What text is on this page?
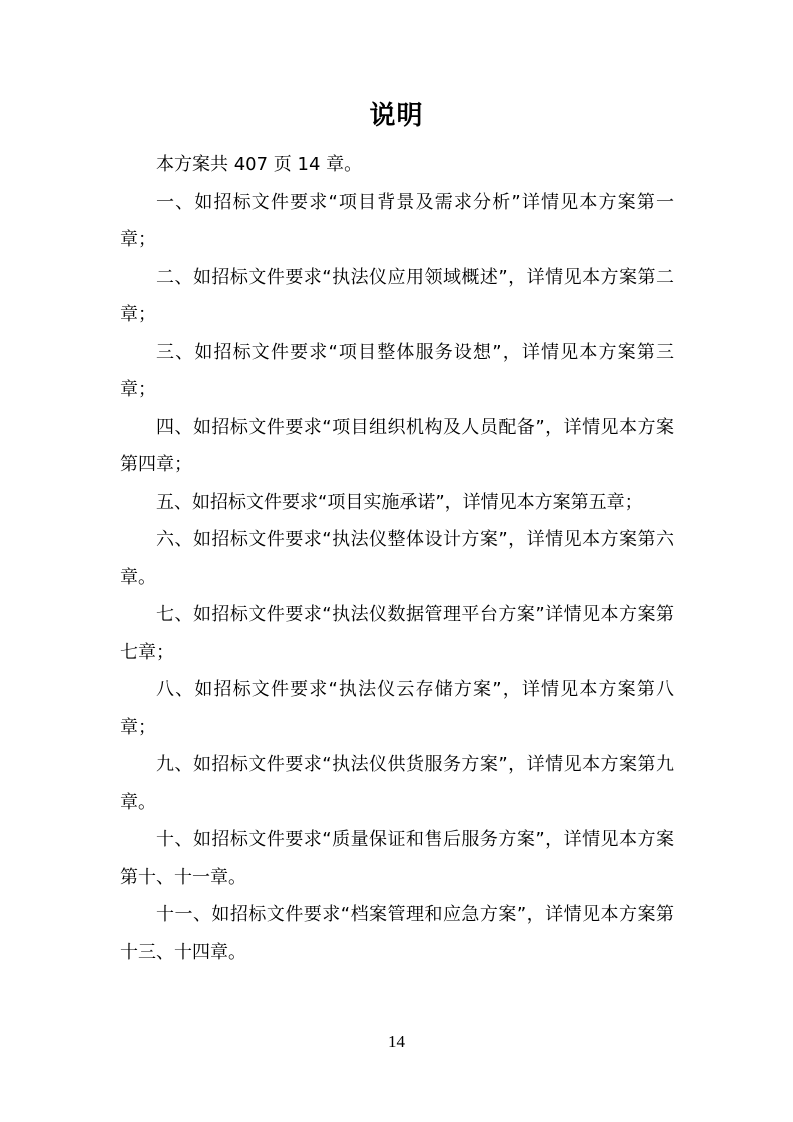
说明

本方案共 407 页 14 章。

一、如招标文件要求“项目背景及需求分析”详情见本方案第一章；

二、如招标文件要求“执法仪应用领域概述”，详情见本方案第二章；

三、如招标文件要求“项目整体服务设想”，详情见本方案第三章；

四、如招标文件要求“项目组织机构及人员配备”，详情见本方案第四章；

五、如招标文件要求“项目实施承诺”，详情见本方案第五章；

六、如招标文件要求“执法仪整体设计方案”，详情见本方案第六章。

七、如招标文件要求“执法仪数据管理平台方案”详情见本方案第七章；

八、如招标文件要求“执法仪云存储方案”，详情见本方案第八章；

九、如招标文件要求“执法仪供货服务方案”，详情见本方案第九章。

十、如招标文件要求“质量保证和售后服务方案”，详情见本方案第十、十一章。

十一、如招标文件要求“档案管理和应急方案”，详情见本方案第十三、十四章。

14
